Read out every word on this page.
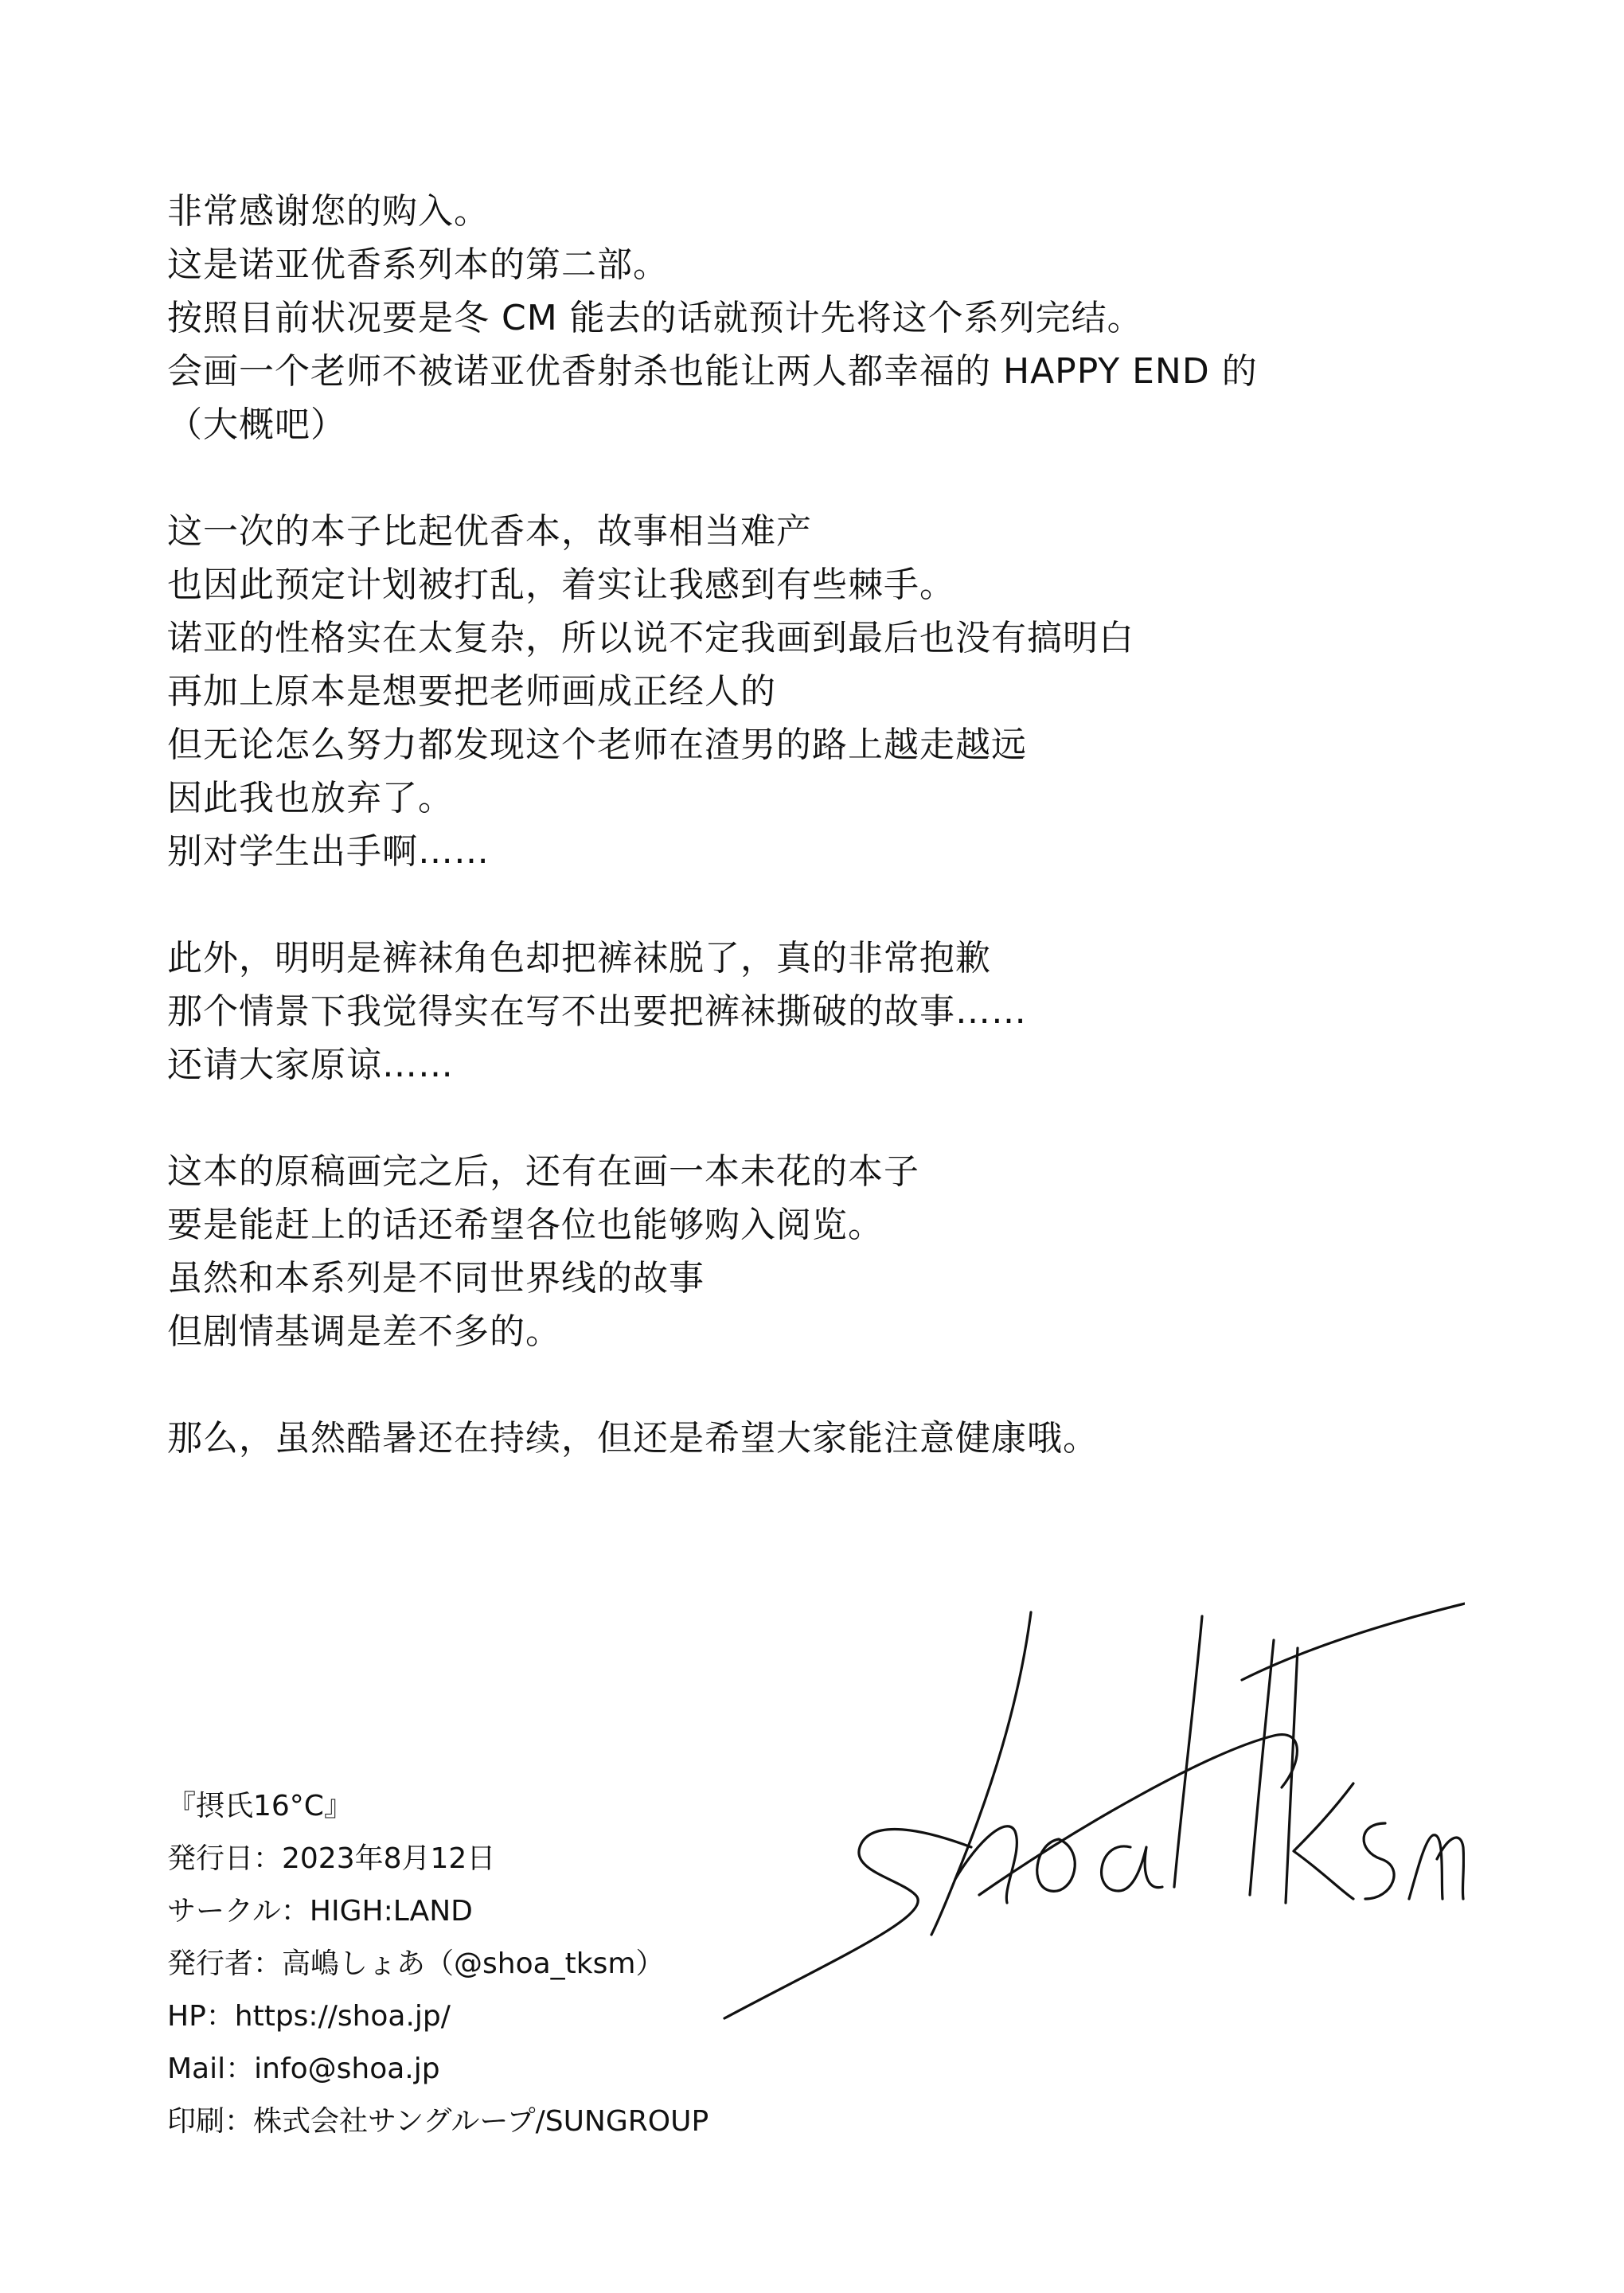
非常感谢您的购入。
这是诺亚优香系列本的第二部。
按照目前状况要是冬 CM 能去的话就预计先将这个系列完结。
会画一个老师不被诺亚优香射杀也能让两人都幸福的 HAPPY END 的
（大概吧）
这一次的本子比起优香本，故事相当难产
也因此预定计划被打乱，着实让我感到有些棘手。
诺亚的性格实在太复杂，所以说不定我画到最后也没有搞明白
再加上原本是想要把老师画成正经人的
但无论怎么努力都发现这个老师在渣男的路上越走越远
因此我也放弃了。
别对学生出手啊……
此外，明明是裤袜角色却把裤袜脱了，真的非常抱歉
那个情景下我觉得实在写不出要把裤袜撕破的故事……
还请大家原谅……
这本的原稿画完之后，还有在画一本未花的本子
要是能赶上的话还希望各位也能够购入阅览。
虽然和本系列是不同世界线的故事
但剧情基调是差不多的。
那么，虽然酷暑还在持续，但还是希望大家能注意健康哦。
『摂氏16°C』
発行日：2023年8月12日
サークル：HIGH:LAND
発行者：高嶋しょあ（@shoa_tksm）
HP：https://shoa.jp/
Mail：info@shoa.jp
印刷：株式会社サングループ/SUNGROUP
